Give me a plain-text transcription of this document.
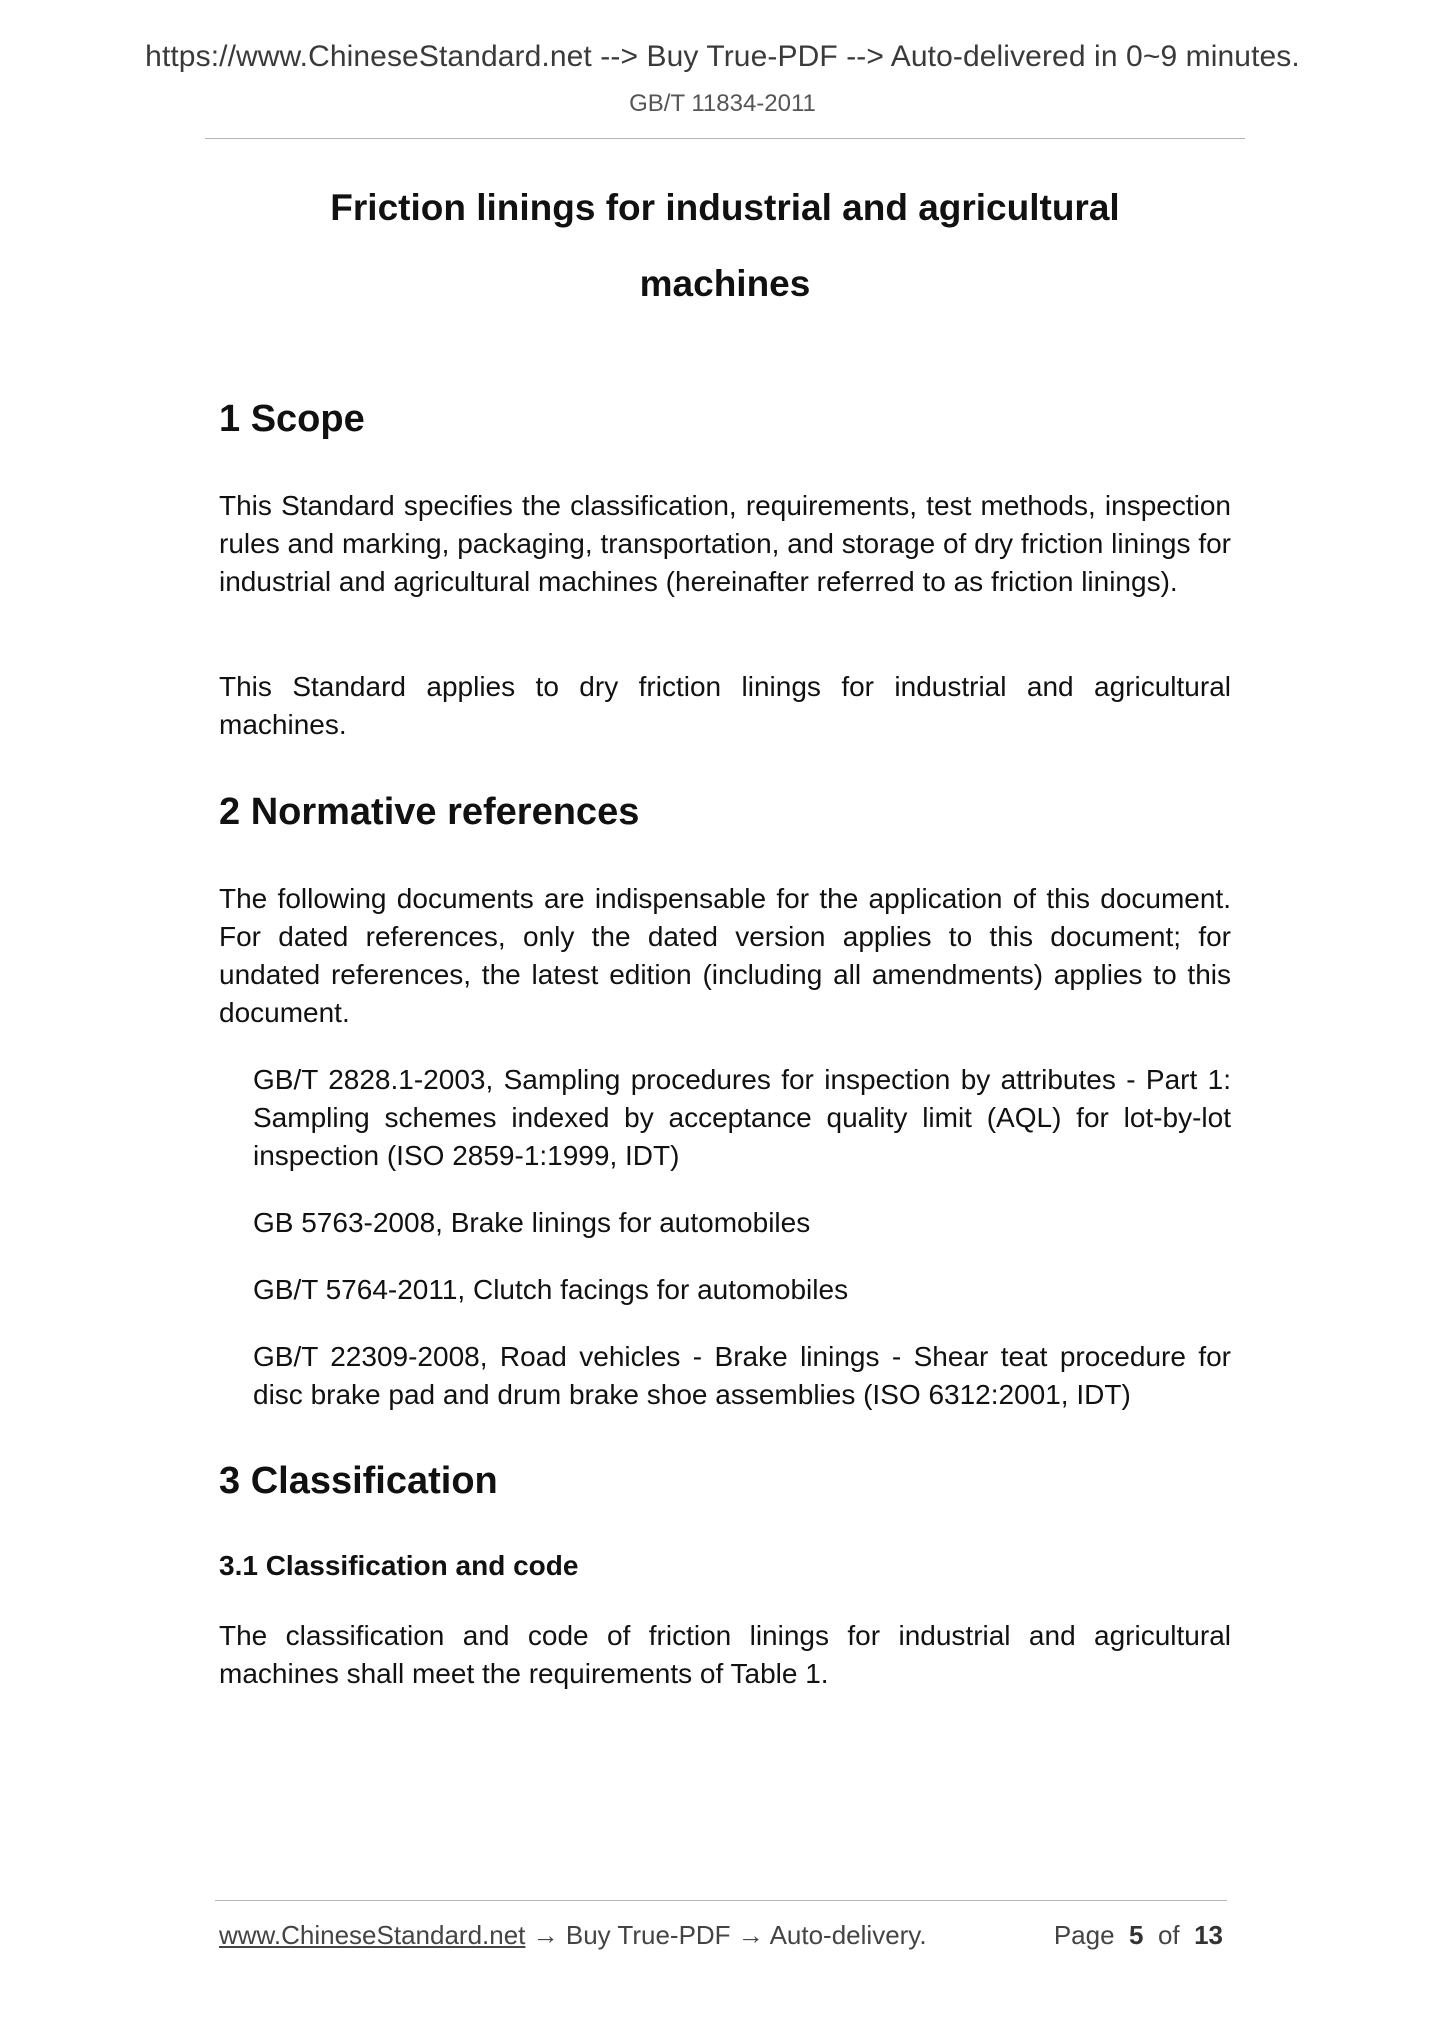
https://www.ChineseStandard.net --> Buy True-PDF --> Auto-delivered in 0~9 minutes.
GB/T 11834-2011
Friction linings for industrial and agricultural
machines
1 Scope

This Standard specifies the classification, requirements, test methods, inspection rules and marking, packaging, transportation, and storage of dry friction linings for industrial and agricultural machines (hereinafter referred to as friction linings).

This Standard applies to dry friction linings for industrial and agricultural machines.

2 Normative references

The following documents are indispensable for the application of this document. For dated references, only the dated version applies to this document; for undated references, the latest edition (including all amendments) applies to this document.

GB/T 2828.1-2003, Sampling procedures for inspection by attributes - Part 1: Sampling schemes indexed by acceptance quality limit (AQL) for lot-by-lot inspection (ISO 2859-1:1999, IDT)

GB 5763-2008, Brake linings for automobiles

GB/T 5764-2011, Clutch facings for automobiles

GB/T 22309-2008, Road vehicles - Brake linings - Shear teat procedure for disc brake pad and drum brake shoe assemblies (ISO 6312:2001, IDT)

3 Classification
3.1 Classification and code

The classification and code of friction linings for industrial and agricultural machines shall meet the requirements of Table 1.

www.ChineseStandard.net → Buy True-PDF → Auto-delivery.	Page 5 of 13
